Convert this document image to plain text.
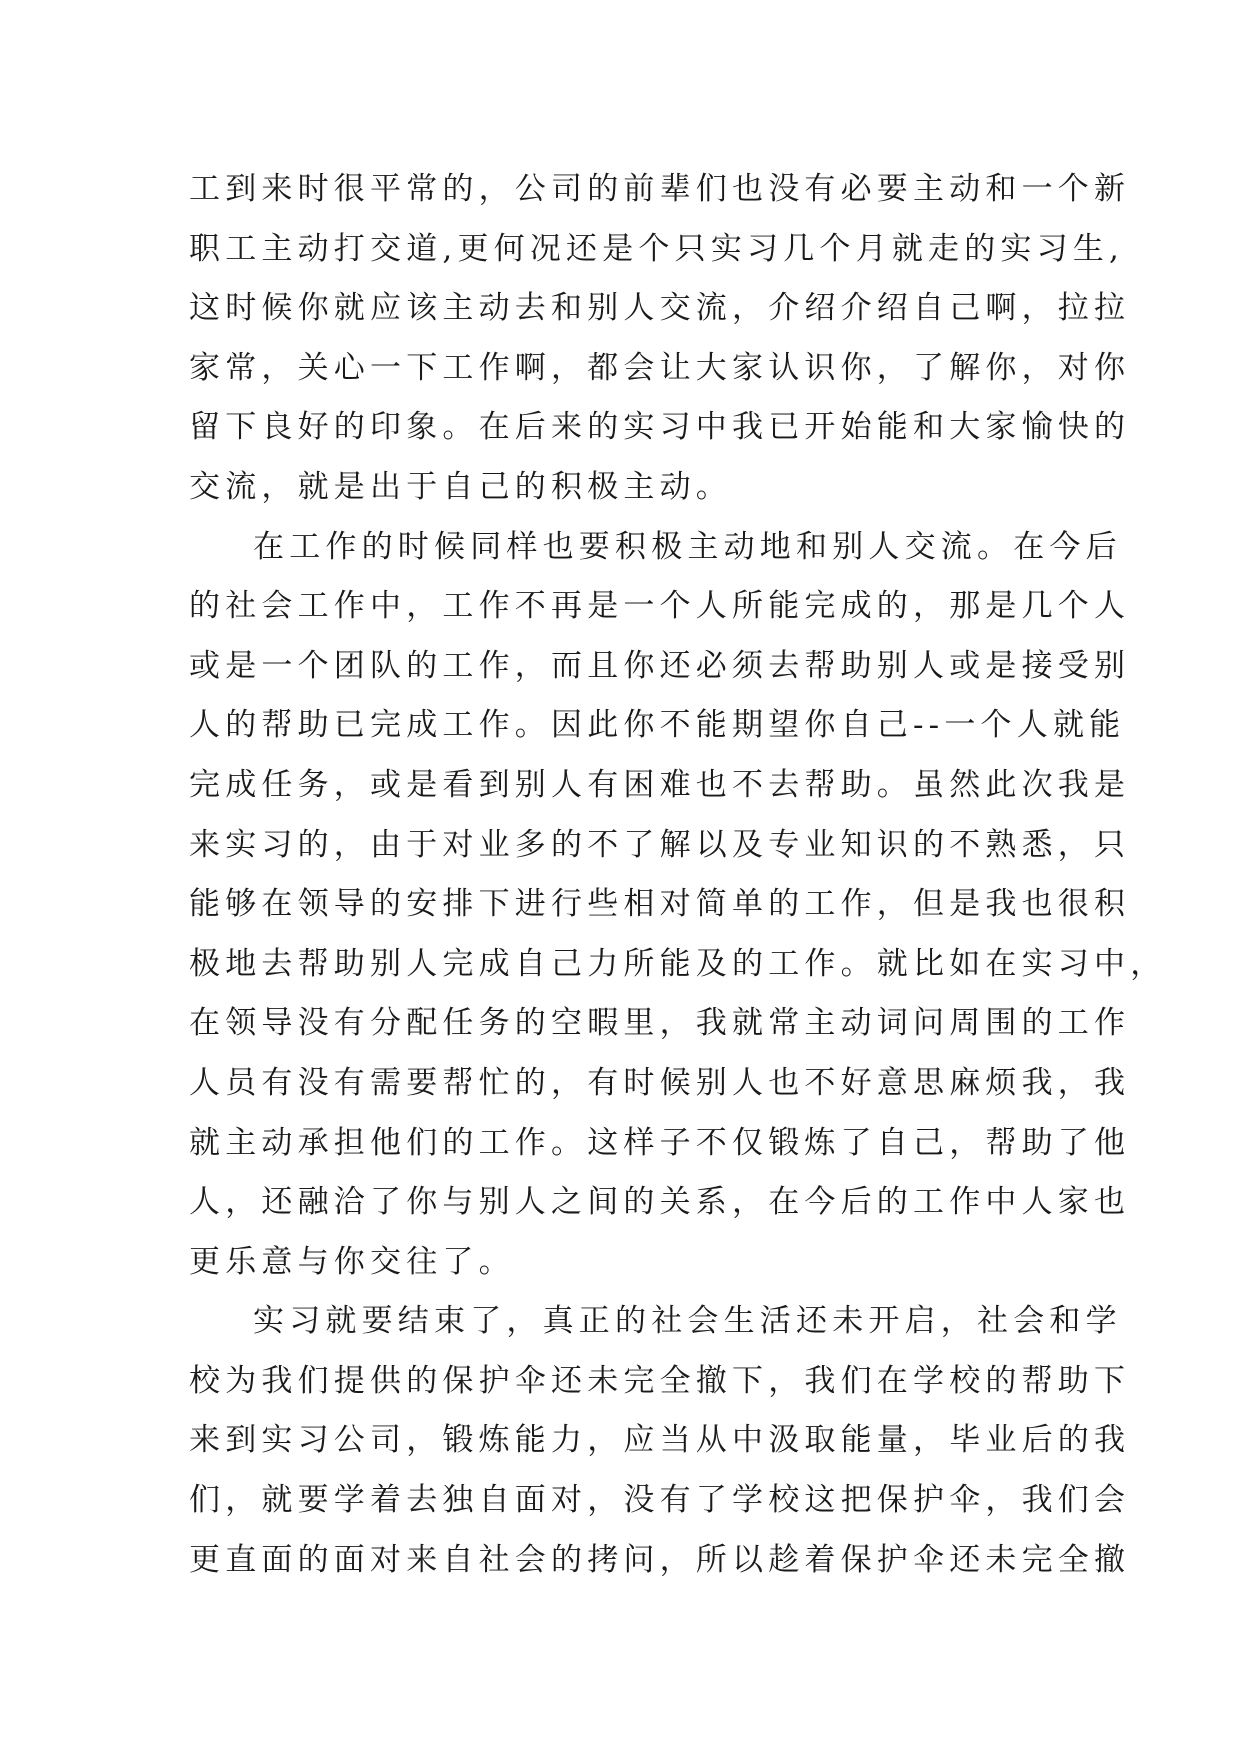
工到来时很平常的，公司的前辈们也没有必要主动和一个新
职工主动打交道,更何况还是个只实习几个月就走的实习生,
这时候你就应该主动去和别人交流，介绍介绍自己啊，拉拉
家常，关心一下工作啊，都会让大家认识你，了解你，对你
留下良好的印象。在后来的实习中我已开始能和大家愉快的
交流，就是出于自己的积极主动。
在工作的时候同样也要积极主动地和别人交流。在今后
的社会工作中，工作不再是一个人所能完成的，那是几个人
或是一个团队的工作，而且你还必须去帮助别人或是接受别
人的帮助已完成工作。因此你不能期望你自己--一个人就能
完成任务，或是看到别人有困难也不去帮助。虽然此次我是
来实习的，由于对业多的不了解以及专业知识的不熟悉，只
能够在领导的安排下进行些相对简单的工作，但是我也很积
极地去帮助别人完成自己力所能及的工作。就比如在实习中，
在领导没有分配任务的空暇里，我就常主动词问周围的工作
人员有没有需要帮忙的，有时候别人也不好意思麻烦我，我
就主动承担他们的工作。这样子不仅锻炼了自己，帮助了他
人，还融洽了你与别人之间的关系，在今后的工作中人家也
更乐意与你交往了。
实习就要结束了，真正的社会生活还未开启，社会和学
校为我们提供的保护伞还未完全撤下，我们在学校的帮助下
来到实习公司，锻炼能力，应当从中汲取能量，毕业后的我
们，就要学着去独自面对，没有了学校这把保护伞，我们会
更直面的面对来自社会的拷问，所以趁着保护伞还未完全撤
